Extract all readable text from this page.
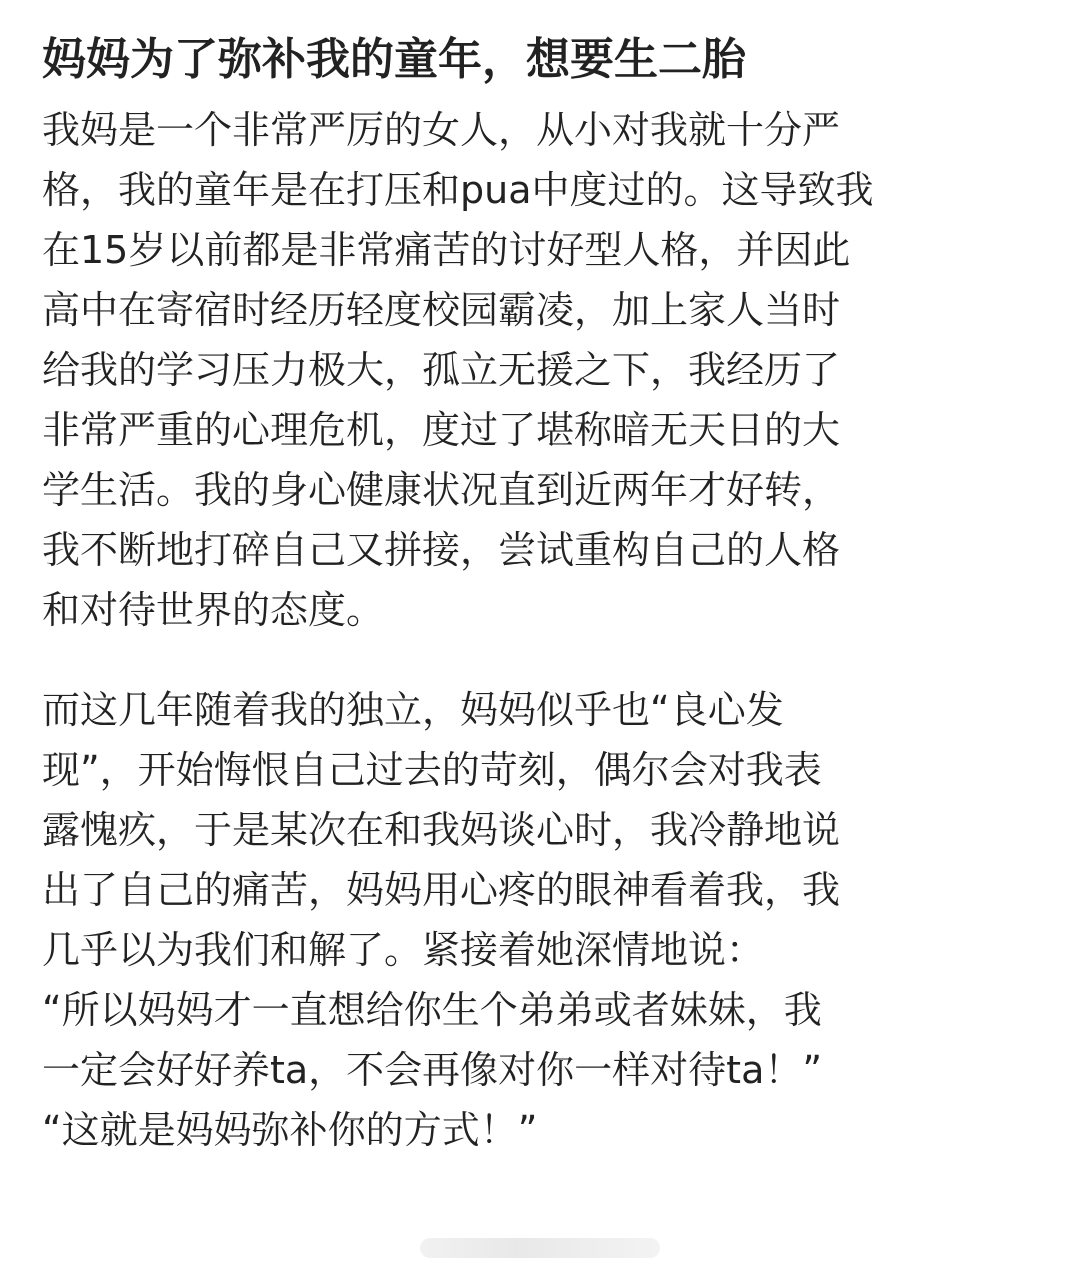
妈妈为了弥补我的童年，想要生二胎
我妈是一个非常严厉的女人，从小对我就十分严
格，我的童年是在打压和pua中度过的。这导致我
在15岁以前都是非常痛苦的讨好型人格，并因此
高中在寄宿时经历轻度校园霸凌，加上家人当时
给我的学习压力极大，孤立无援之下，我经历了
非常严重的心理危机，度过了堪称暗无天日的大
学生活。我的身心健康状况直到近两年才好转，
我不断地打碎自己又拼接，尝试重构自己的人格
和对待世界的态度。
而这几年随着我的独立，妈妈似乎也“良心发
现”，开始悔恨自己过去的苛刻，偶尔会对我表
露愧疚，于是某次在和我妈谈心时，我冷静地说
出了自己的痛苦，妈妈用心疼的眼神看着我，我
几乎以为我们和解了。紧接着她深情地说：
“所以妈妈才一直想给你生个弟弟或者妹妹，我
一定会好好养ta，不会再像对你一样对待ta！”
“这就是妈妈弥补你的方式！”
